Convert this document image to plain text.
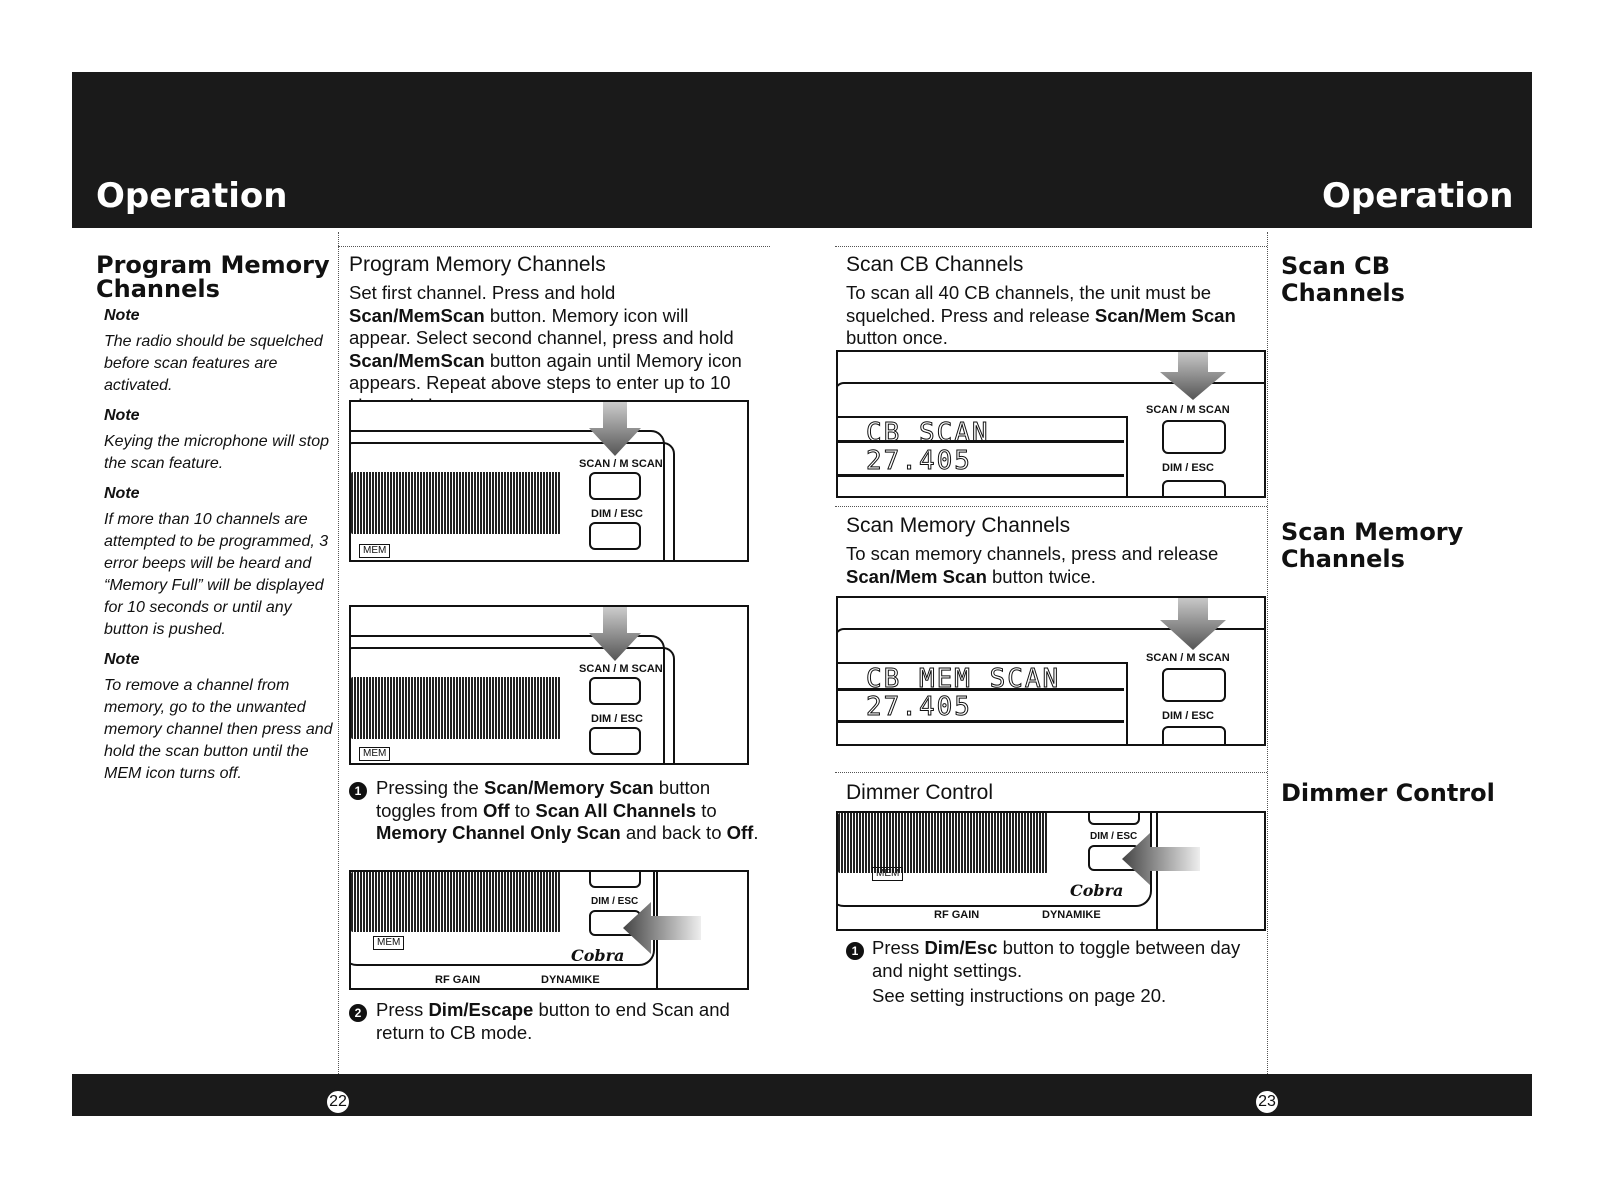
Operation	Operation
22	23
Program Memory Channels
Note
The radio should be squelched before scan features are activated.
Note
Keying the microphone will stop the scan feature.
Note
If more than 10 channels are attempted to be programmed, 3 error beeps will be heard and “Memory Full” will be displayed for 10 seconds or until any button is pushed.
Note
To remove a channel from memory, go to the unwanted memory channel then press and hold the scan button until the MEM icon turns off.
Program Memory Channels
Set first channel. Press and hold Scan/MemScan button. Memory icon will appear. Select second channel, press and hold Scan/MemScan button again until Memory icon appears. Repeat above steps to enter up to 10
MEM
SCAN / M SCAN
DIM / ESC
MEM
SCAN / M SCAN
DIM / ESC
1 Pressing the Scan/Memory Scan button toggles from Off to Scan All Channels to Memory Channel Only Scan and back to Off.
MEM
DIM / ESC
Cobra
RF GAIN	DYNAMIKE
2 Press Dim/Escape button to end Scan and return to CB mode.
Scan CB Channels
To scan all 40 CB channels, the unit must be squelched. Press and release Scan/Mem Scan button once.
CB SCAN
27.405
SCAN / M SCAN
DIM / ESC
Scan Memory Channels
To scan memory channels, press and release Scan/Mem Scan button twice.
CB MEM SCAN
27.405
SCAN / M SCAN
DIM / ESC
Dimmer Control
MEM
DIM / ESC
Cobra
RF GAIN	DYNAMIKE
1 Press Dim/Esc button to toggle between day and night settings.
See setting instructions on page 20.
Scan CB Channels
Scan Memory Channels
Dimmer Control
